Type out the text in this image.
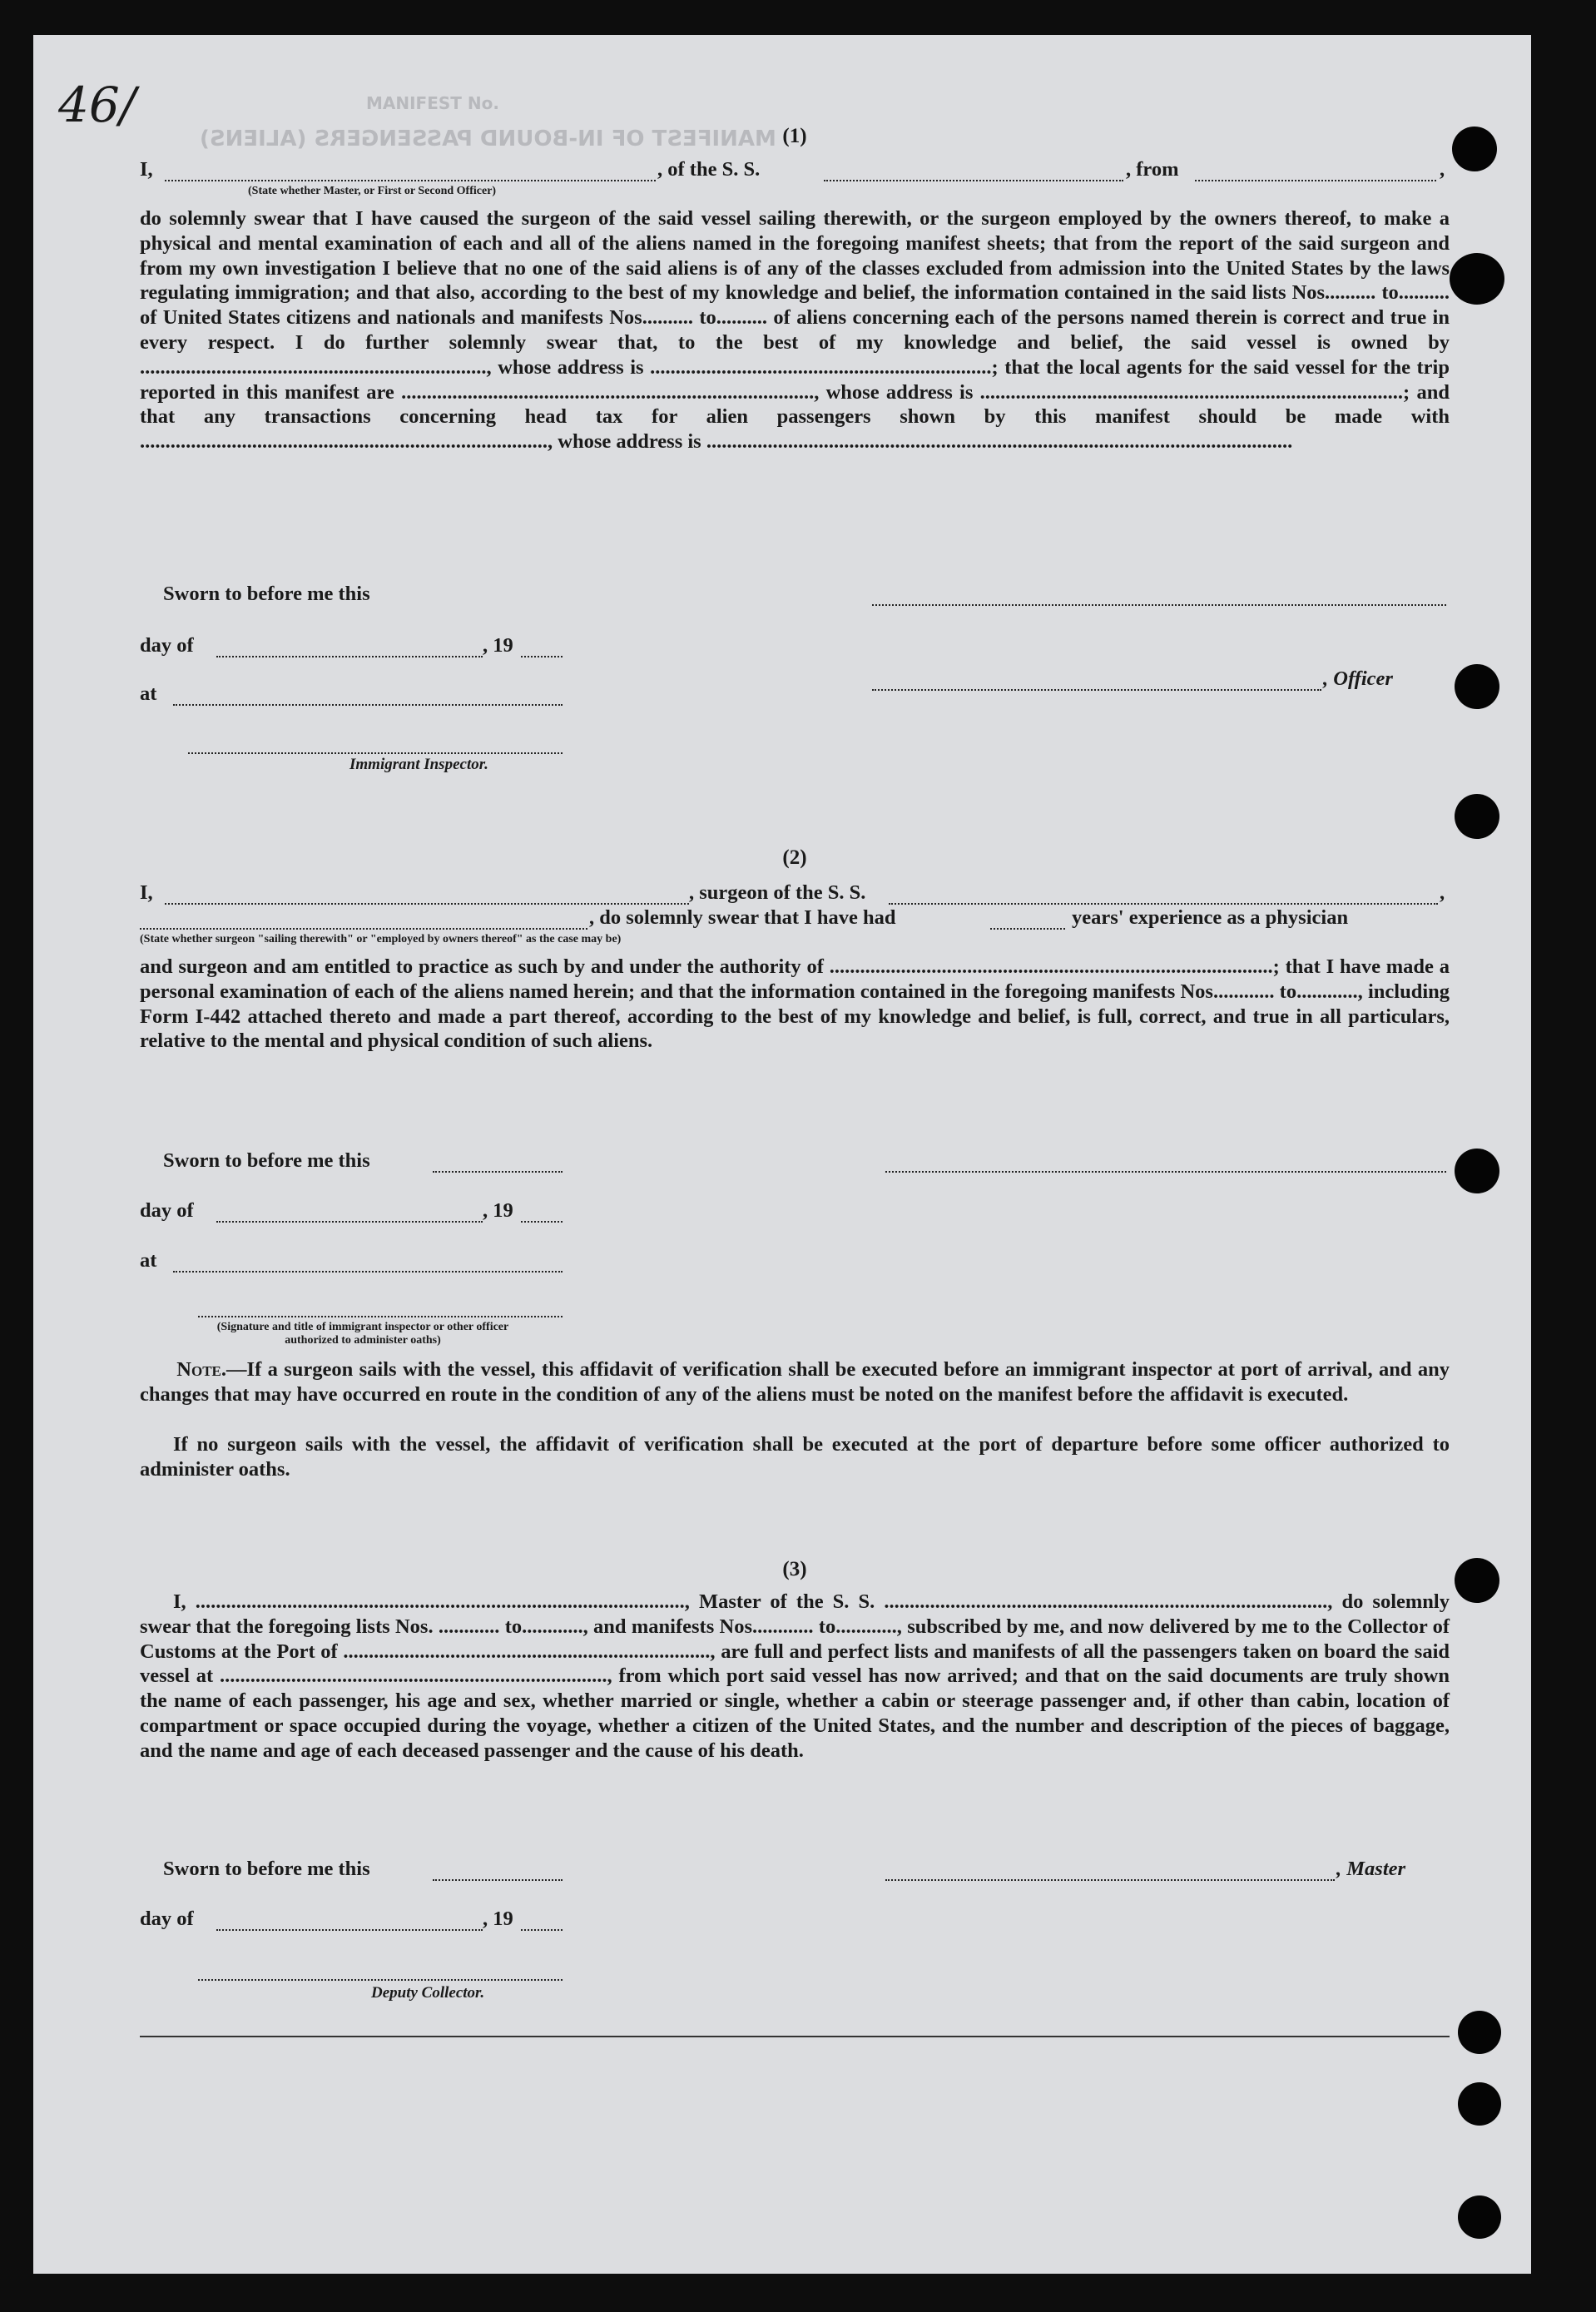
MANIFEST No.
MANIFEST OF IN-BOUND PASSENGERS (ALIENS)
46/
(1)
I,	, of the S. S.	, from	,
(State whether Master, or First or Second Officer)

do solemnly swear that I have caused the surgeon of the said vessel sailing therewith, or the surgeon employed by the owners thereof, to make a physical and mental examination of each and all of the aliens named in the foregoing manifest sheets; that from the report of the said surgeon and from my own investigation I believe that no one of the said aliens is of any of the classes excluded from admission into the United States by the laws regulating immigration; and that also, according to the best of my knowledge and belief, the information contained in the said lists Nos.......... to.......... of United States citizens and nationals and manifests Nos.......... to.......... of aliens concerning each of the persons named therein is correct and true in every respect. I do further solemnly swear that, to the best of my knowledge and belief, the said vessel is owned by ...................................................................., whose address is ...................................................................; that the local agents for the said vessel for the trip reported in this manifest are ................................................................................., whose address is ...................................................................................; and that any transactions concerning head tax for alien passengers shown by this manifest should be made with ................................................................................, whose address is ...................................................................................................................

Sworn to before me this
day of	, 19
, Officer
at
Immigrant Inspector.
(2)
I,	, surgeon of the S. S.	,
, do solemnly swear that I have had	years' experience as a physician
(State whether surgeon "sailing therewith" or "employed by owners thereof" as the case may be)

and surgeon and am entitled to practice as such by and under the authority of .......................................................................................; that I have made a personal examination of each of the aliens named herein; and that the information contained in the foregoing manifests Nos............ to............, including Form I-442 attached thereto and made a part thereof, according to the best of my knowledge and belief, is full, correct, and true in all particulars, relative to the mental and physical condition of such aliens.

Sworn to before me this
day of	, 19
at
(Signature and title of immigrant inspector or other officer authorized to administer oaths)

Note.—If a surgeon sails with the vessel, this affidavit of verification shall be executed before an immigrant inspector at port of arrival, and any changes that may have occurred en route in the condition of any of the aliens must be noted on the manifest before the affidavit is executed.

If no surgeon sails with the vessel, the affidavit of verification shall be executed at the port of departure before some officer authorized to administer oaths.

(3)

I, ................................................................................................, Master of the S. S. ......................................................................................., do solemnly swear that the foregoing lists Nos. ............ to............, and manifests Nos............ to............, subscribed by me, and now delivered by me to the Collector of Customs at the Port of ........................................................................, are full and perfect lists and manifests of all the passengers taken on board the said vessel at ............................................................................, from which port said vessel has now arrived; and that on the said documents are truly shown the name of each passenger, his age and sex, whether married or single, whether a cabin or steerage passenger and, if other than cabin, location of compartment or space occupied during the voyage, whether a citizen of the United States, and the number and description of the pieces of baggage, and the name and age of each deceased passenger and the cause of his death.

Sworn to before me this	, Master
day of	, 19
Deputy Collector.
